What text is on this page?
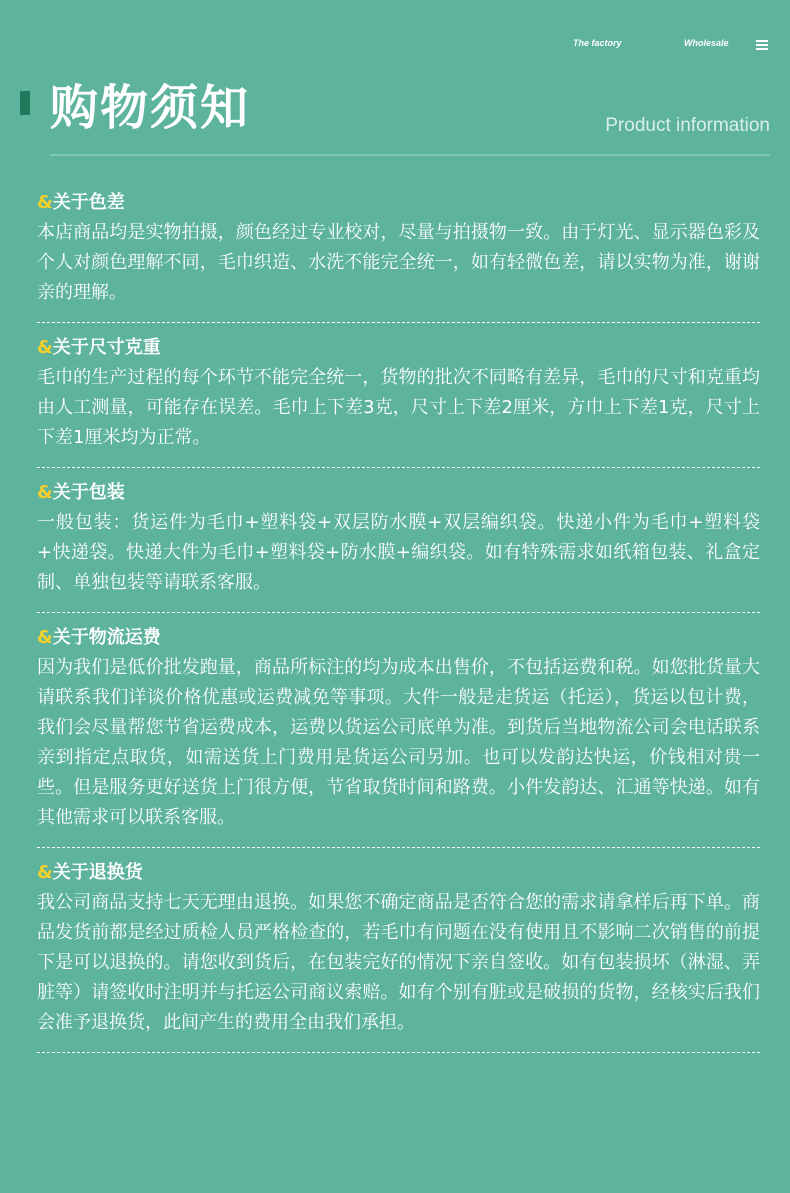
The factory	Wholesale
购物须知	Product information
&关于色差
本店商品均是实物拍摄，颜色经过专业校对，尽量与拍摄物一致。由于灯光、显示器色彩及个人对颜色理解不同，毛巾织造、水洗不能完全统一，如有轻微色差，请以实物为准，谢谢亲的理解。
&关于尺寸克重
毛巾的生产过程的每个环节不能完全统一，货物的批次不同略有差异，毛巾的尺寸和克重均由人工测量，可能存在误差。毛巾上下差3克，尺寸上下差2厘米，方巾上下差1克，尺寸上下差1厘米均为正常。
&关于包装
一般包装：货运件为毛巾+塑料袋+双层防水膜+双层编织袋。快递小件为毛巾+塑料袋+快递袋。快递大件为毛巾+塑料袋+防水膜+编织袋。如有特殊需求如纸箱包装、礼盒定制、单独包装等请联系客服。
&关于物流运费
因为我们是低价批发跑量，商品所标注的均为成本出售价，不包括运费和税。如您批货量大请联系我们详谈价格优惠或运费减免等事项。大件一般是走货运（托运），货运以包计费，我们会尽量帮您节省运费成本，运费以货运公司底单为准。到货后当地物流公司会电话联系亲到指定点取货，如需送货上门费用是货运公司另加。也可以发韵达快运，价钱相对贵一些。但是服务更好送货上门很方便，节省取货时间和路费。小件发韵达、汇通等快递。如有其他需求可以联系客服。
&关于退换货
我公司商品支持七天无理由退换。如果您不确定商品是否符合您的需求请拿样后再下单。商品发货前都是经过质检人员严格检查的，若毛巾有问题在没有使用且不影响二次销售的前提下是可以退换的。请您收到货后，在包装完好的情况下亲自签收。如有包装损坏（淋湿、弄脏等）请签收时注明并与托运公司商议索赔。如有个别有脏或是破损的货物，经核实后我们会准予退换货，此间产生的费用全由我们承担。
